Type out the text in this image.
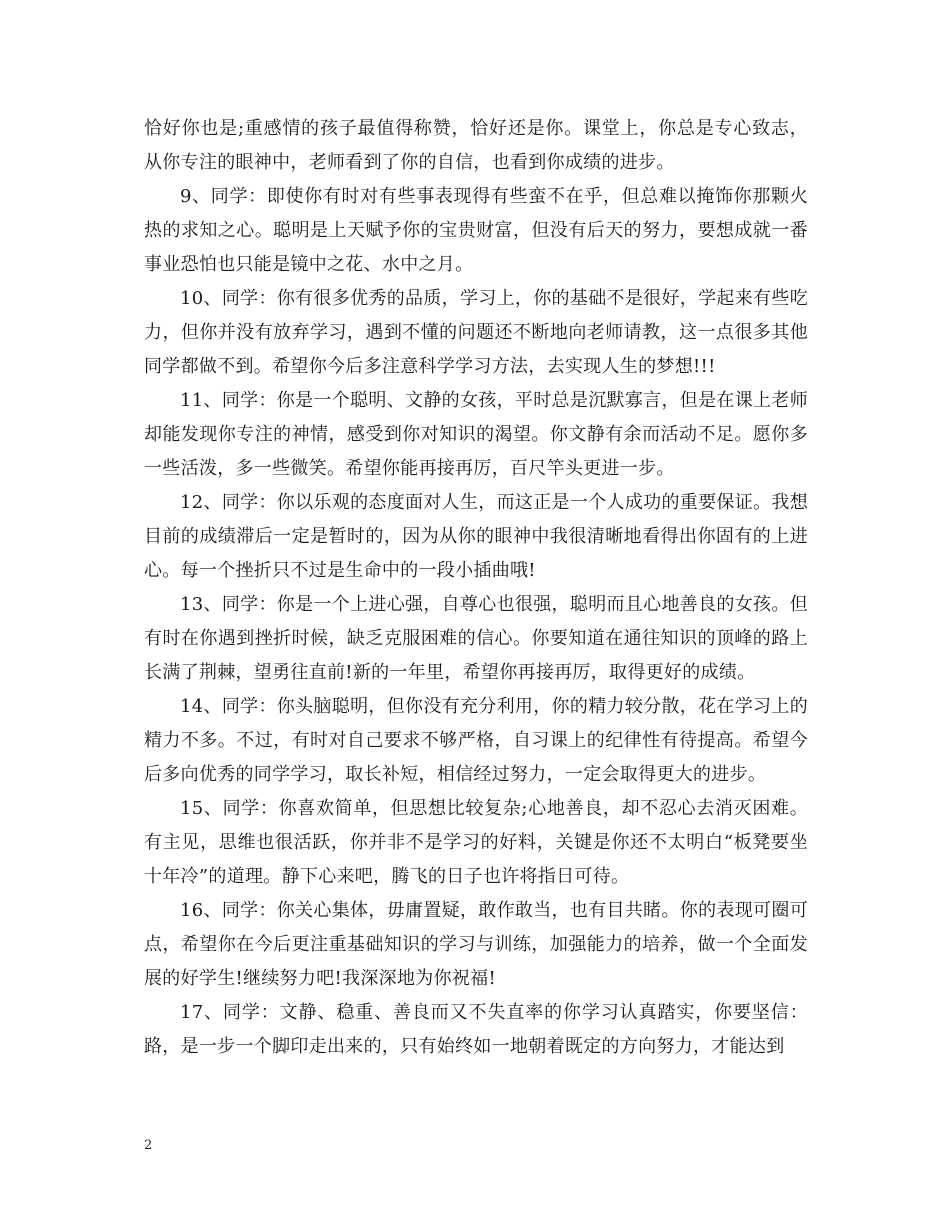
恰好你也是;重感情的孩子最值得称赞，恰好还是你。课堂上，你总是专心致志，从你专注的眼神中，老师看到了你的自信，也看到你成绩的进步。

9、同学：即使你有时对有些事表现得有些蛮不在乎，但总难以掩饰你那颗火热的求知之心。聪明是上天赋予你的宝贵财富，但没有后天的努力，要想成就一番事业恐怕也只能是镜中之花、水中之月。

10、同学：你有很多优秀的品质，学习上，你的基础不是很好，学起来有些吃力，但你并没有放弃学习，遇到不懂的问题还不断地向老师请教，这一点很多其他同学都做不到。希望你今后多注意科学学习方法，去实现人生的梦想!!!

11、同学：你是一个聪明、文静的女孩，平时总是沉默寡言，但是在课上老师却能发现你专注的神情，感受到你对知识的渴望。你文静有余而活动不足。愿你多一些活泼，多一些微笑。希望你能再接再厉，百尺竿头更进一步。

12、同学：你以乐观的态度面对人生，而这正是一个人成功的重要保证。我想目前的成绩滞后一定是暂时的，因为从你的眼神中我很清晰地看得出你固有的上进心。每一个挫折只不过是生命中的一段小插曲哦!

13、同学：你是一个上进心强，自尊心也很强，聪明而且心地善良的女孩。但有时在你遇到挫折时候，缺乏克服困难的信心。你要知道在通往知识的顶峰的路上长满了荆棘，望勇往直前!新的一年里，希望你再接再厉，取得更好的成绩。

14、同学：你头脑聪明，但你没有充分利用，你的精力较分散，花在学习上的精力不多。不过，有时对自己要求不够严格，自习课上的纪律性有待提高。希望今后多向优秀的同学学习，取长补短，相信经过努力，一定会取得更大的进步。

15、同学：你喜欢简单，但思想比较复杂;心地善良，却不忍心去消灭困难。有主见，思维也很活跃，你并非不是学习的好料，关键是你还不太明白“板凳要坐十年冷”的道理。静下心来吧，腾飞的日子也许将指日可待。

16、同学：你关心集体，毋庸置疑，敢作敢当，也有目共睹。你的表现可圈可点，希望你在今后更注重基础知识的学习与训练，加强能力的培养，做一个全面发展的好学生!继续努力吧!我深深地为你祝福!

17、同学：文静、稳重、善良而又不失直率的你学习认真踏实，你要坚信：路，是一步一个脚印走出来的，只有始终如一地朝着既定的方向努力，才能达到

2
